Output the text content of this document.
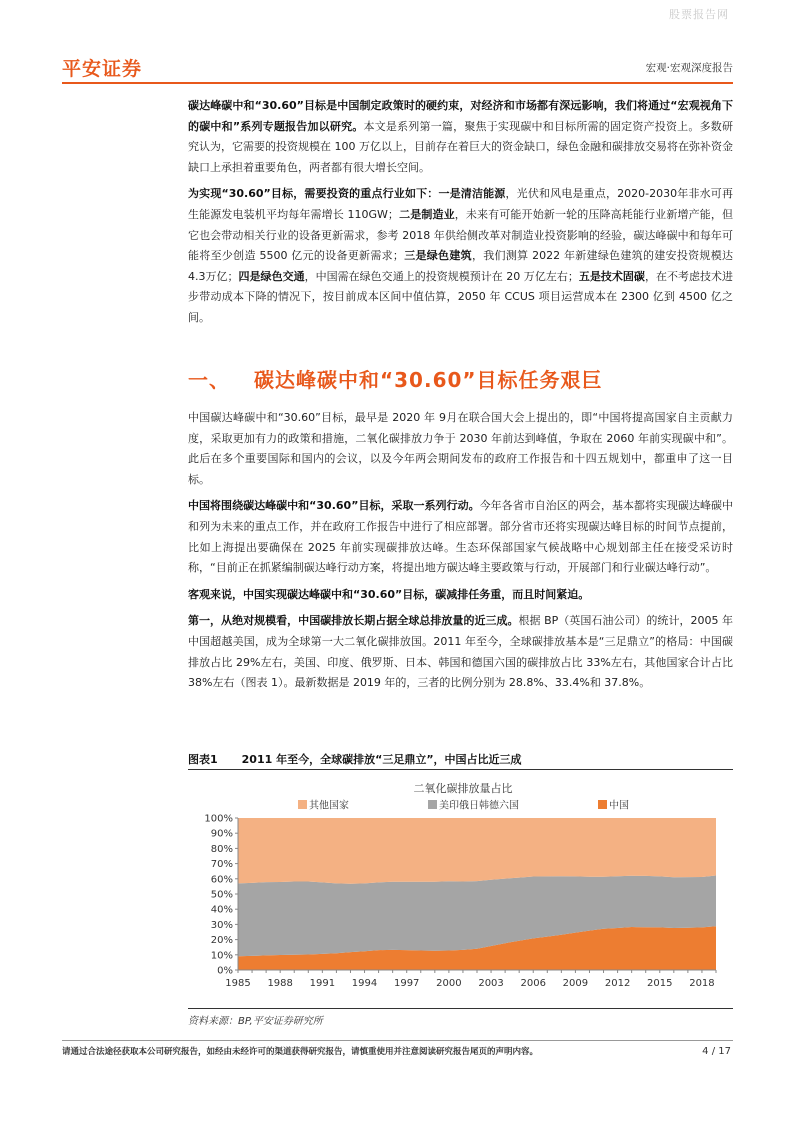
股票报告网
平安证券	宏观·宏观深度报告

碳达峰碳中和“30.60”目标是中国制定政策时的硬约束，对经济和市场都有深远影响，我们将通过“宏观视角下的碳中和”系列专题报告加以研究。本文是系列第一篇，聚焦于实现碳中和目标所需的固定资产投资上。多数研究认为，它需要的投资规模在 100 万亿以上，目前存在着巨大的资金缺口，绿色金融和碳排放交易将在弥补资金缺口上承担着重要角色，两者都有很大增长空间。

为实现“30.60”目标，需要投资的重点行业如下：一是清洁能源，光伏和风电是重点，2020-2030年非水可再生能源发电装机平均每年需增长 110GW；二是制造业，未来有可能开始新一轮的压降高耗能行业新增产能，但它也会带动相关行业的设备更新需求，参考 2018 年供给侧改革对制造业投资影响的经验，碳达峰碳中和每年可能将至少创造 5500 亿元的设备更新需求；三是绿色建筑，我们测算 2022 年新建绿色建筑的建安投资规模达 4.3万亿；四是绿色交通，中国需在绿色交通上的投资规模预计在 20 万亿左右；五是技术固碳，在不考虑技术进步带动成本下降的情况下，按目前成本区间中值估算，2050 年 CCUS 项目运营成本在 2300 亿到 4500 亿之间。

一、 碳达峰碳中和“30.60”目标任务艰巨

中国碳达峰碳中和“30.60”目标，最早是 2020 年 9月在联合国大会上提出的，即“中国将提高国家自主贡献力度，采取更加有力的政策和措施，二氧化碳排放力争于 2030 年前达到峰值，争取在 2060 年前实现碳中和”。此后在多个重要国际和国内的会议，以及今年两会期间发布的政府工作报告和十四五规划中，都重申了这一目标。

中国将围绕碳达峰碳中和“30.60”目标，采取一系列行动。今年各省市自治区的两会，基本都将实现碳达峰碳中和列为未来的重点工作，并在政府工作报告中进行了相应部署。部分省市还将实现碳达峰目标的时间节点提前，比如上海提出要确保在 2025 年前实现碳排放达峰。生态环保部国家气候战略中心规划部主任在接受采访时称，“目前正在抓紧编制碳达峰行动方案，将提出地方碳达峰主要政策与行动，开展部门和行业碳达峰行动”。

客观来说，中国实现碳达峰碳中和“30.60”目标，碳减排任务重，而且时间紧迫。

第一，从绝对规模看，中国碳排放长期占据全球总排放量的近三成。根据 BP（英国石油公司）的统计，2005 年中国超越美国，成为全球第一大二氧化碳排放国。2011 年至今，全球碳排放基本是“三足鼎立”的格局：中国碳排放占比 29%左右，美国、印度、俄罗斯、日本、韩国和德国六国的碳排放占比 33%左右，其他国家合计占比 38%左右（图表 1）。最新数据是 2019 年的，三者的比例分别为 28.8%、33.4%和 37.8%。

图表1 2011 年至今，全球碳排放“三足鼎立”，中国占比近三成
二氧化碳排放量占比
其他国家	美印俄日韩德六国	中国
0%
10%
20%
30%
40%
50%
60%
70%
80%
90%
100%
1985 1988 1991 1994 1997 2000 2003 2006 2009 2012 2015 2018
资料来源：BP,平安证券研究所
请通过合法途径获取本公司研究报告，如经由未经许可的渠道获得研究报告，请慎重使用并注意阅读研究报告尾页的声明内容。	4 / 17
